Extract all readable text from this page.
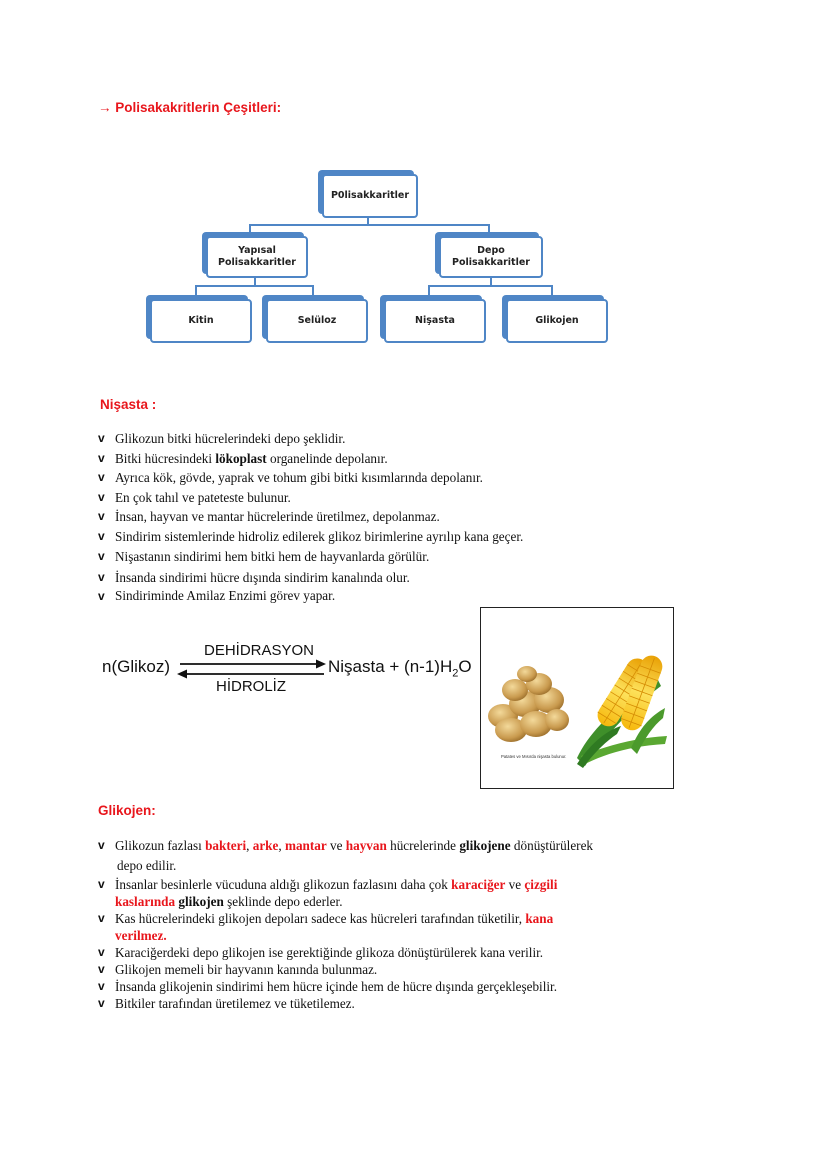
→ Polisakakritlerin Çeşitleri:
P0lisakkaritler
Yapısal
Polisakkaritler
Depo
Polisakkaritler
Kitin	Selüloz	Nişasta	Glikojen
Nişasta :
v Glikozun bitki hücrelerindeki depo şeklidir.
v Bitki hücresindeki lökoplast organelinde depolanır.
v Ayrıca kök, gövde, yaprak ve tohum gibi bitki kısımlarında depolanır.
v En çok tahıl ve pateteste bulunur.
v İnsan, hayvan ve mantar hücrelerinde üretilmez, depolanmaz.
v Sindirim sistemlerinde hidroliz edilerek glikoz birimlerine ayrılıp kana geçer.
v Nişastanın sindirimi hem bitki hem de hayvanlarda görülür.
v İnsanda sindirimi hücre dışında sindirim kanalında olur.
v Sindiriminde Amilaz Enzimi görev yapar.
n(Glikoz)
DEHİDRASYON
HİDROLİZ
Nişasta + $(n-1)H_2O$
Patates ve Mısırda nişasta bulunur.
Glikojen:
v Glikozun fazlası bakteri, arke, mantar ve hayvan hücrelerinde glikojene dönüştürülerek
depo edilir.
v İnsanlar besinlerle vücuduna aldığı glikozun fazlasını daha çok karaciğer ve çizgili
kaslarında glikojen şeklinde depo ederler.
v Kas hücrelerindeki glikojen depoları sadece kas hücreleri tarafından tüketilir, kana
verilmez.
v Karaciğerdeki depo glikojen ise gerektiğinde glikoza dönüştürülerek kana verilir.
v Glikojen memeli bir hayvanın kanında bulunmaz.
v İnsanda glikojenin sindirimi hem hücre içinde hem de hücre dışında gerçekleşebilir.
v Bitkiler tarafından üretilemez ve tüketilemez.
